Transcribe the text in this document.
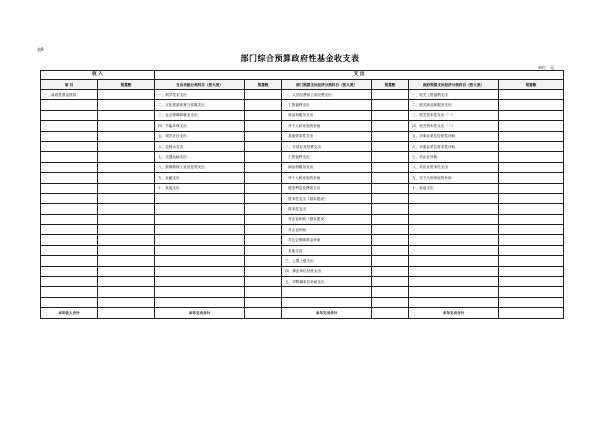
表9
部门综合预算政府性基金收支表
单位：元
收 入		支 出					
项 目	预算数	支出功能分类科目（按大类）	预算数	部门预算支出经济分类科目（按大类）	预算数	政府预算支出经济分类科目（按大类）	预算数
一、政府性基金拨款		一、科学技术支出		一、人员经费和公用经费支出		一、机关工资福利支出	
		二、文化旅游体育与传媒支出		工资福利支出		二、机关商品和服务支出	
		三、社会保障和就业支出		商品和服务支出		三、机关资本性支出（一）	
		四、节能环保支出		对个人和家庭的补助		四、机关资本性支出（二）	
		五、城乡社区支出		其他资本性支出		五、对事业单位经常性补助	
		六、农林水支出		二、专项业务经费支出		六、对事业单位资本性补助	
		七、交通运输支出		工资福利支出		七、对企业补助	
		八、资源勘探工业信息等支出		商品和服务支出		八、对企业资本性支出	
		九、金融支出		对个人和家庭的补助		九、对个人和家庭的补助	
		十、其他支出		债务利息及费用支出		十、其他支出	
				资本性支出（基本建设）			
				资本性支出			
				对企业补助（基本建设）			
				对企业补助			
				对社会保障基金补助			
				其他支出			
				三、上缴上级支出			
				四、事业单位经营支出			
				五、对附属单位补助支出			

本年收入合计		本年支出合计		本年支出合计		本年支出合计	
